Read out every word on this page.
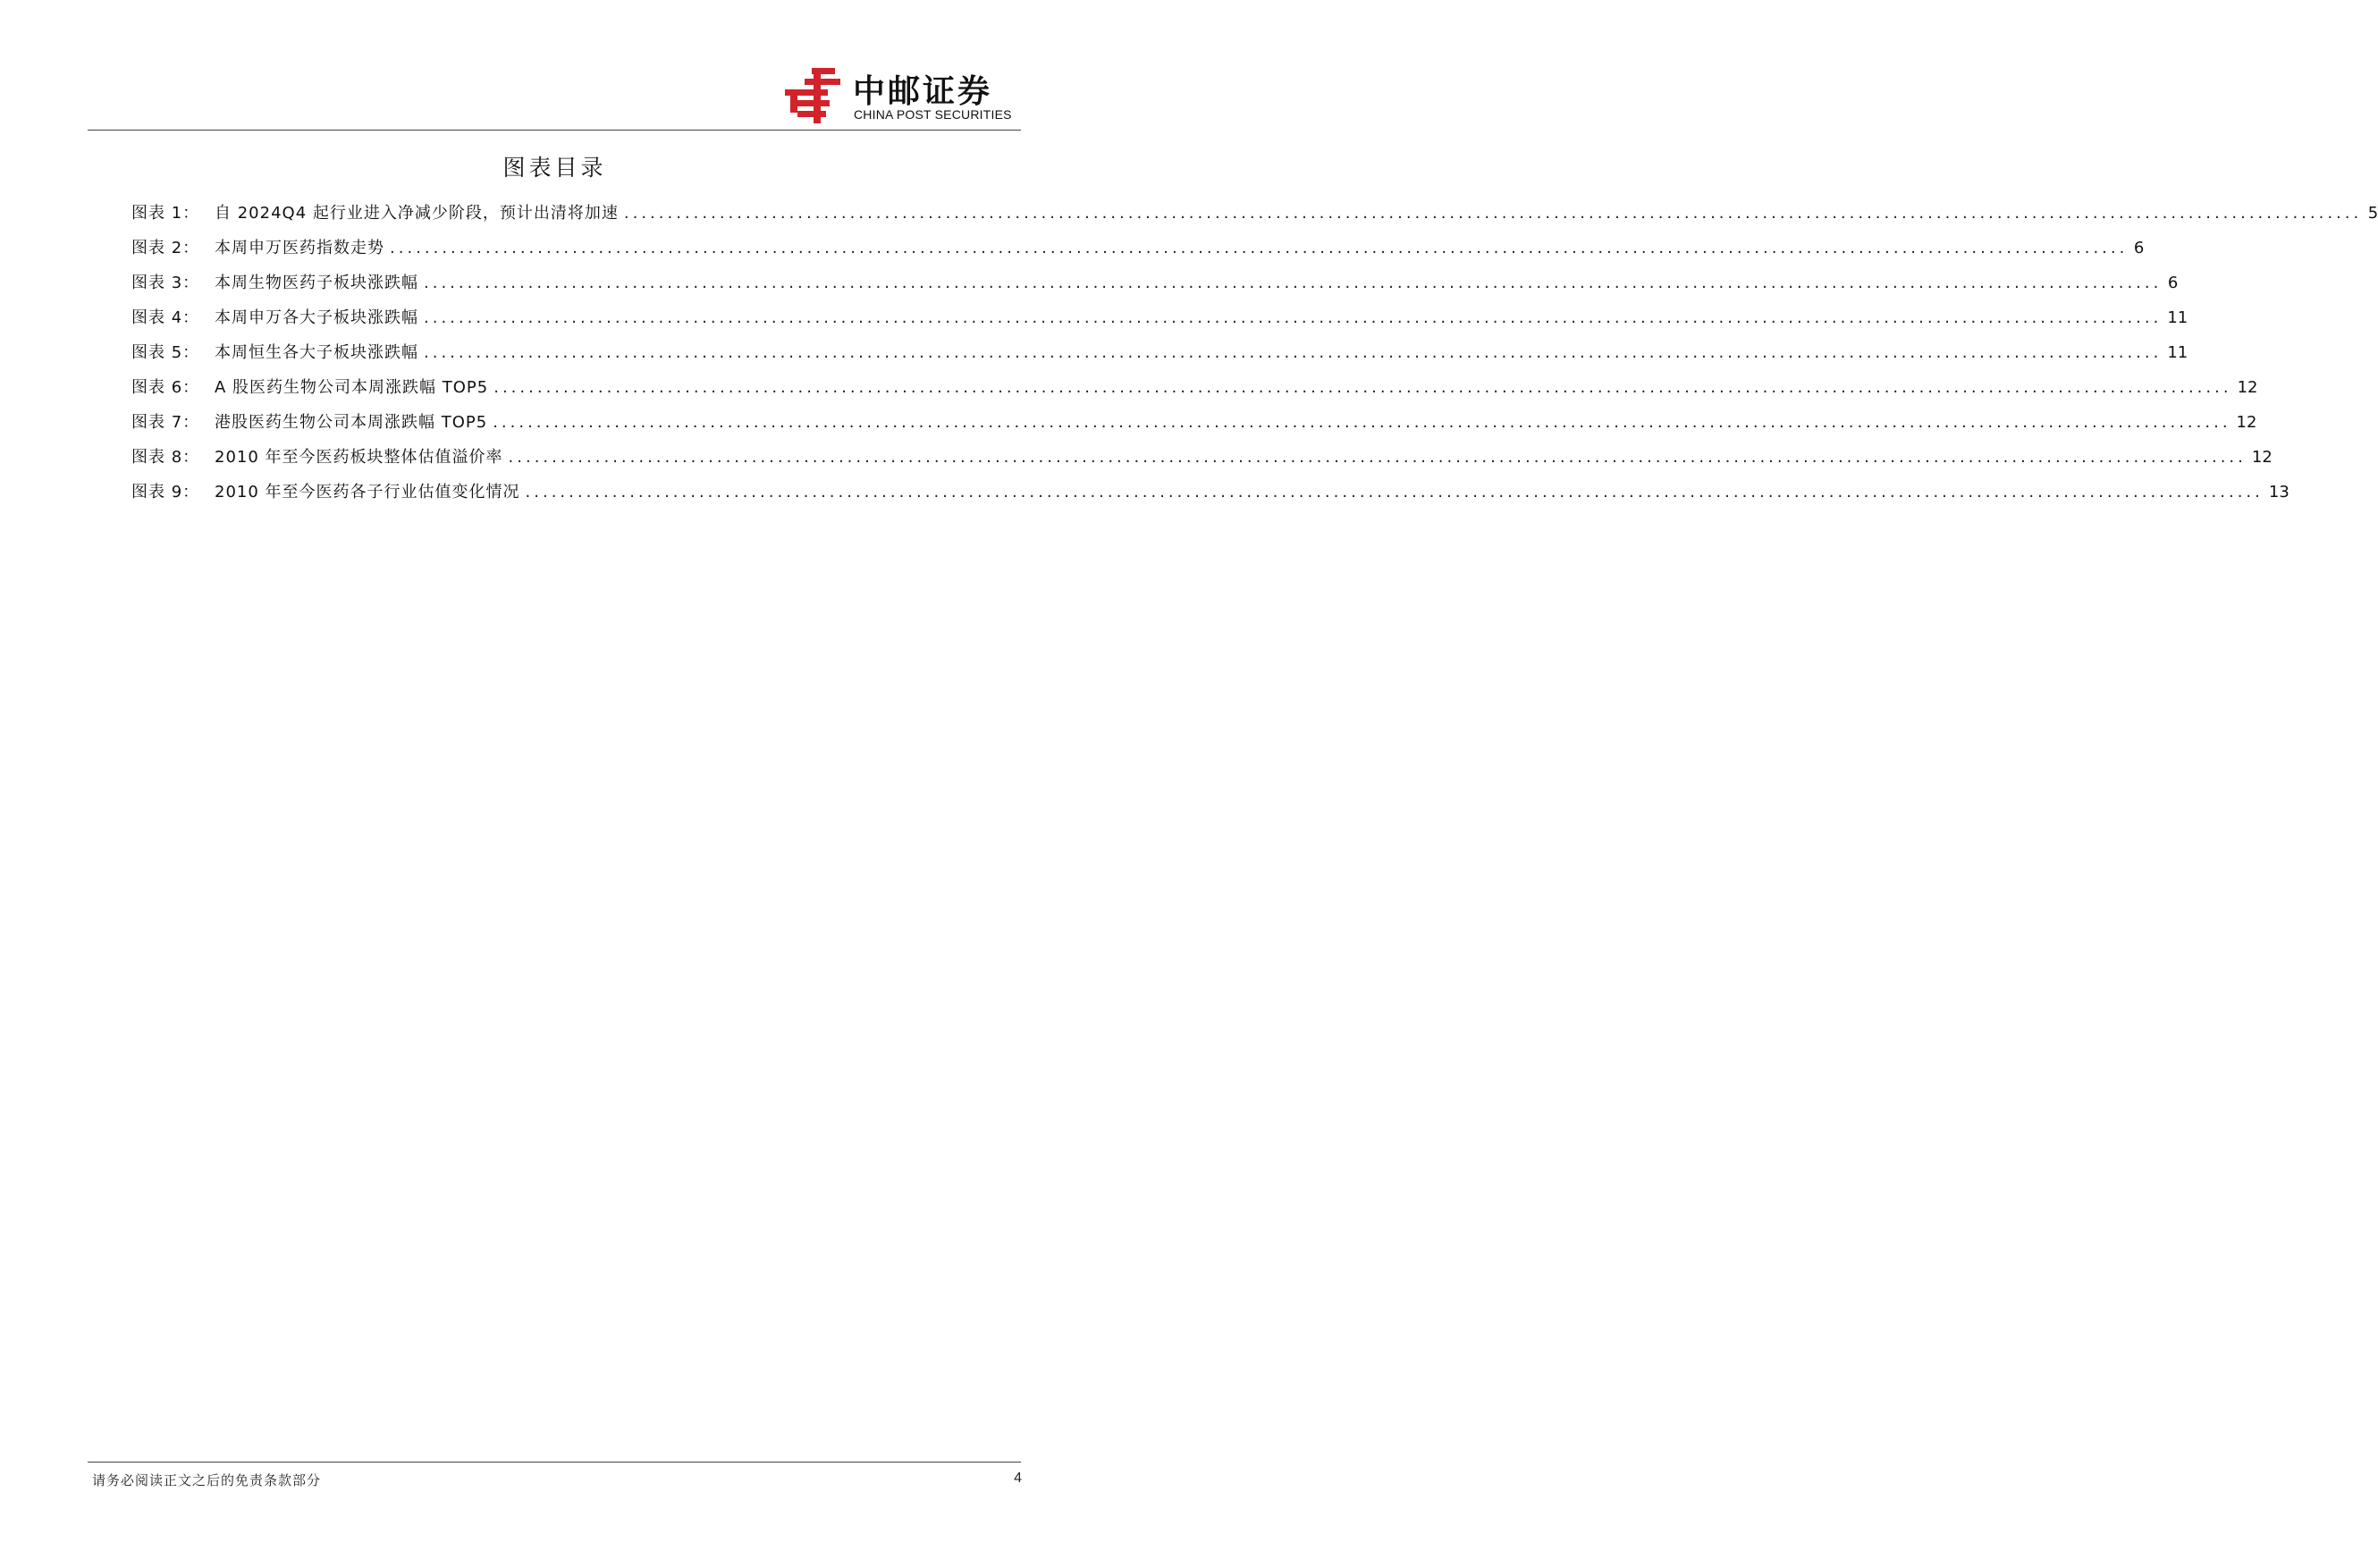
中邮证券
CHINA POST SECURITIES
图表目录
图表 1： 自 2024Q4 起行业进入净减少阶段，预计出清将加速 ........................................................................................................................................................................................................ 5
图表 2： 本周申万医药指数走势 ........................................................................................................................................................................................................ 6
图表 3： 本周生物医药子板块涨跌幅 ........................................................................................................................................................................................................ 6
图表 4： 本周申万各大子板块涨跌幅 ........................................................................................................................................................................................................ 11
图表 5： 本周恒生各大子板块涨跌幅 ........................................................................................................................................................................................................ 11
图表 6： A 股医药生物公司本周涨跌幅 TOP5 ........................................................................................................................................................................................................ 12
图表 7： 港股医药生物公司本周涨跌幅 TOP5 ........................................................................................................................................................................................................ 12
图表 8： 2010 年至今医药板块整体估值溢价率 ........................................................................................................................................................................................................ 12
图表 9： 2010 年至今医药各子行业估值变化情况 ........................................................................................................................................................................................................ 13
请务必阅读正文之后的免责条款部分	4
